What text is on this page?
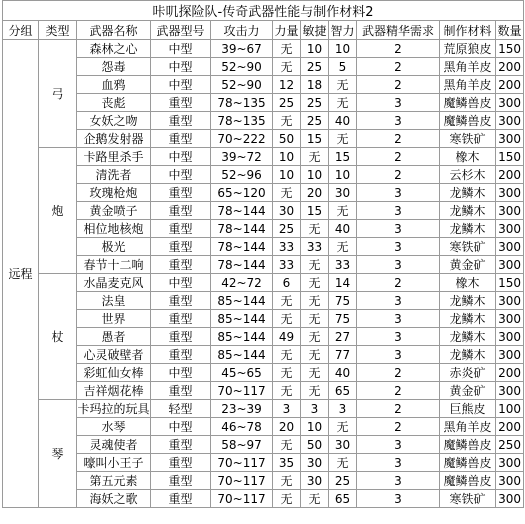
咔叽探险队-传奇武器性能与制作材料2										
分组	类型	武器名称	武器型号	攻击力	力量	敏捷	智力	武器精华需求	制作材料	数量
远程	弓	森林之心	中型	39~67	无	10	10	2	荒原狼皮	150
		怨毒	中型	52~90	无	25	5	2	黑角羊皮	200
		血鸦	中型	52~90	12	18	无	2	黑角羊皮	200
		丧彪	重型	78~135	25	25	无	3	魔鳞兽皮	300
		女妖之吻	重型	78~135	无	25	40	3	魔鳞兽皮	300
		企鹅发射器	重型	70~222	50	15	无	2	寒铁矿	300
	炮	卡路里杀手	中型	39~72	10	无	15	2	橡木	150
		清洗者	中型	52~96	10	10	10	2	云杉木	200
		玫瑰枪炮	重型	65~120	无	20	30	3	龙鳞木	300
		黄金喷子	重型	78~144	30	15	无	3	龙鳞木	300
		相位地核炮	重型	78~144	25	无	40	3	龙鳞木	300
		极光	重型	78~144	33	33	无	3	寒铁矿	300
		春节十二响	重型	78~144	33	无	33	3	黄金矿	300
	杖	水晶麦克风	中型	42~72	6	无	14	2	橡木	150
		法皇	重型	85~144	无	无	75	3	龙鳞木	300
		世界	重型	85~144	无	无	75	3	龙鳞木	300
		愚者	重型	85~144	49	无	27	3	龙鳞木	300
		心灵破壁者	重型	85~144	无	无	77	3	龙鳞木	300
		彩虹仙女棒	中型	45~65	无	无	40	2	赤炎矿	200
		吉祥烟花棒	重型	70~117	无	无	65	2	黄金矿	300
	琴	卡玛拉的玩具	轻型	23~39	3	3	3	2	巨熊皮	100
		水琴	中型	46~78	20	10	无	2	黑角羊皮	200
		灵魂使者	重型	58~97	无	50	30	3	魔鳞兽皮	250
		嚎叫小王子	重型	70~117	35	30	无	3	魔鳞兽皮	300
		第五元素	重型	70~117	无	30	25	3	魔鳞兽皮	300
		海妖之歌	重型	70~117	无	无	65	3	寒铁矿	300
